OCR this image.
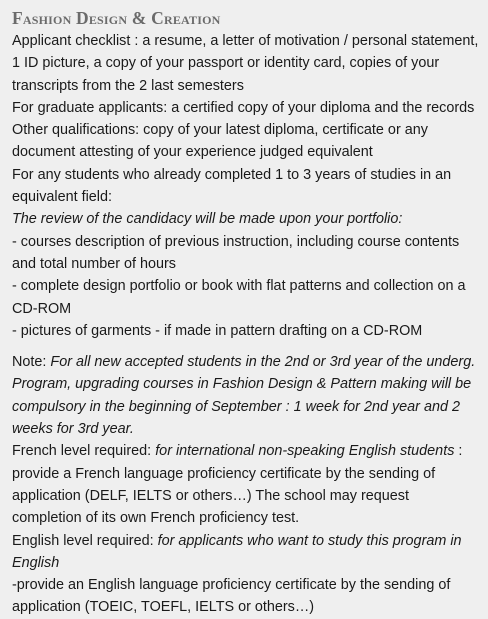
Fashion Design & Creation

Applicant checklist : a resume, a letter of motivation / personal statement, 1 ID picture, a copy of your passport or identity card, copies of your transcripts from the 2 last semesters

For graduate applicants: a certified copy of your diploma and the records

Other qualifications: copy of your latest diploma, certificate or any document attesting of your experience judged equivalent

For any students who already completed 1 to 3 years of studies in an equivalent field:

The review of the candidacy will be made upon your portfolio:

- courses description of previous instruction, including course contents and total number of hours

- complete design portfolio or book with flat patterns and collection on a CD-ROM

- pictures of garments - if made in pattern drafting on a CD-ROM

Note: For all new accepted students in the 2nd or 3rd year of the underg. Program, upgrading courses in Fashion Design & Pattern making will be compulsory in the beginning of September : 1 week for 2nd year and 2 weeks for 3rd year.

French level required: for international non-speaking English students : provide a French language proficiency certificate by the sending of application (DELF, IELTS or others…) The school may request completion of its own French proficiency test.

English level required: for applicants who want to study this program in English

-provide an English language proficiency certificate by the sending of application (TOEIC, TOEFL, IELTS or others…)
